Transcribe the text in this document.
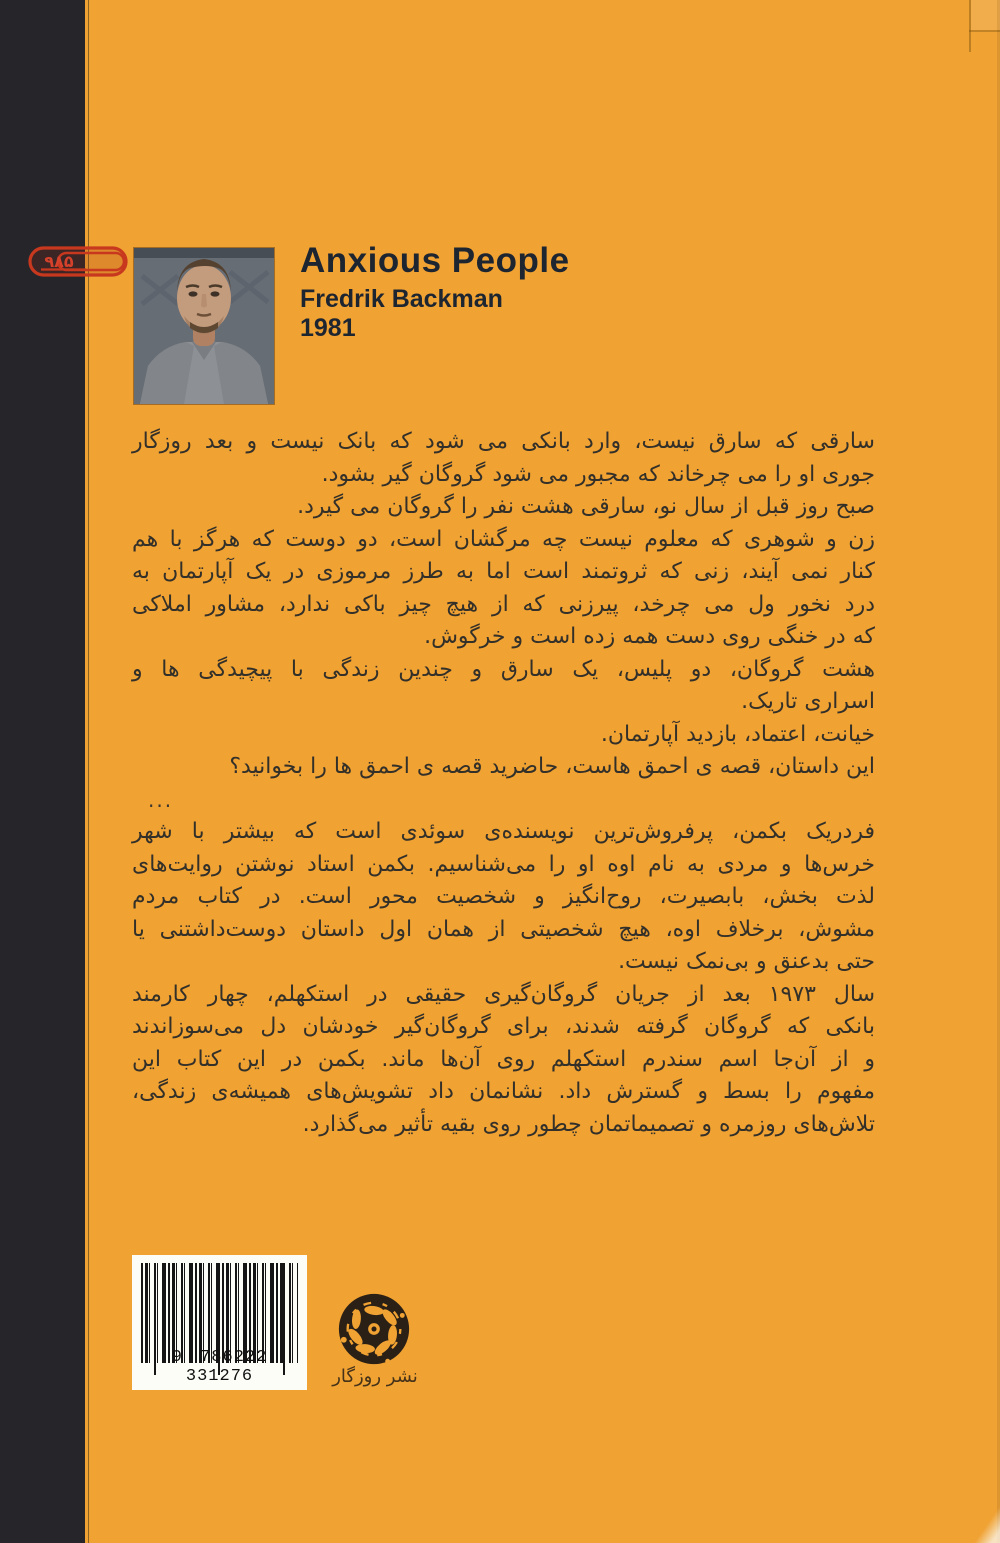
۹۸۵	Anxious People
Fredrik Backman
1981
سارقی که سارق نیست، وارد بانکی می شود که بانک نیست و بعد روزگار
جوری او را می چرخاند که مجبور می شود گروگان گیر بشود.
صبح روز قبل از سال نو، سارقی هشت نفر را گروگان می گیرد.
زن و شوهری که معلوم نیست چه مرگشان است، دو دوست که هرگز با هم
کنار نمی آیند، زنی که ثروتمند است اما به طرز مرموزی در یک آپارتمان به
درد نخور ول می چرخد، پیرزنی که از هیچ چیز باکی ندارد، مشاور املاکی
که در خنگی روی دست همه زده است و خرگوش.
هشت گروگان، دو پلیس، یک سارق و چندین زندگی با پیچیدگی ها و
اسراری تاریک.
خیانت، اعتماد، بازدید آپارتمان.
این داستان، قصه ی احمق هاست، حاضرید قصه ی احمق ها را بخوانید؟
...
فردریک بکمن، پرفروش‌ترین نویسنده‌ی سوئدی است که بیشتر با شهر
خرس‌ها و مردی به نام اوه او را می‌شناسیم. بکمن استاد نوشتن روایت‌های
لذت بخش، بابصیرت، روح‌انگیز و شخصیت محور است. در کتاب مردم
مشوش، برخلاف اوه، هیچ شخصیتی از همان اول داستان دوست‌داشتنی یا
حتی بدعنق و بی‌نمک نیست.
سال ۱۹۷۳ بعد از جریان گروگان‌گیری حقیقی در استکهلم، چهار کارمند
بانکی که گروگان گرفته شدند، برای گروگان‌گیر خودشان دل می‌سوزاندند
و از آن‌جا اسم سندرم استکهلم روی آن‌ها ماند. بکمن در این کتاب این
مفهوم را بسط و گسترش داد. نشانمان داد تشویش‌های همیشه‌ی زندگی،
تلاش‌های روزمره و تصمیماتمان چطور روی بقیه تأثیر می‌گذارد.
9 786222 331276	نشر روزگار
